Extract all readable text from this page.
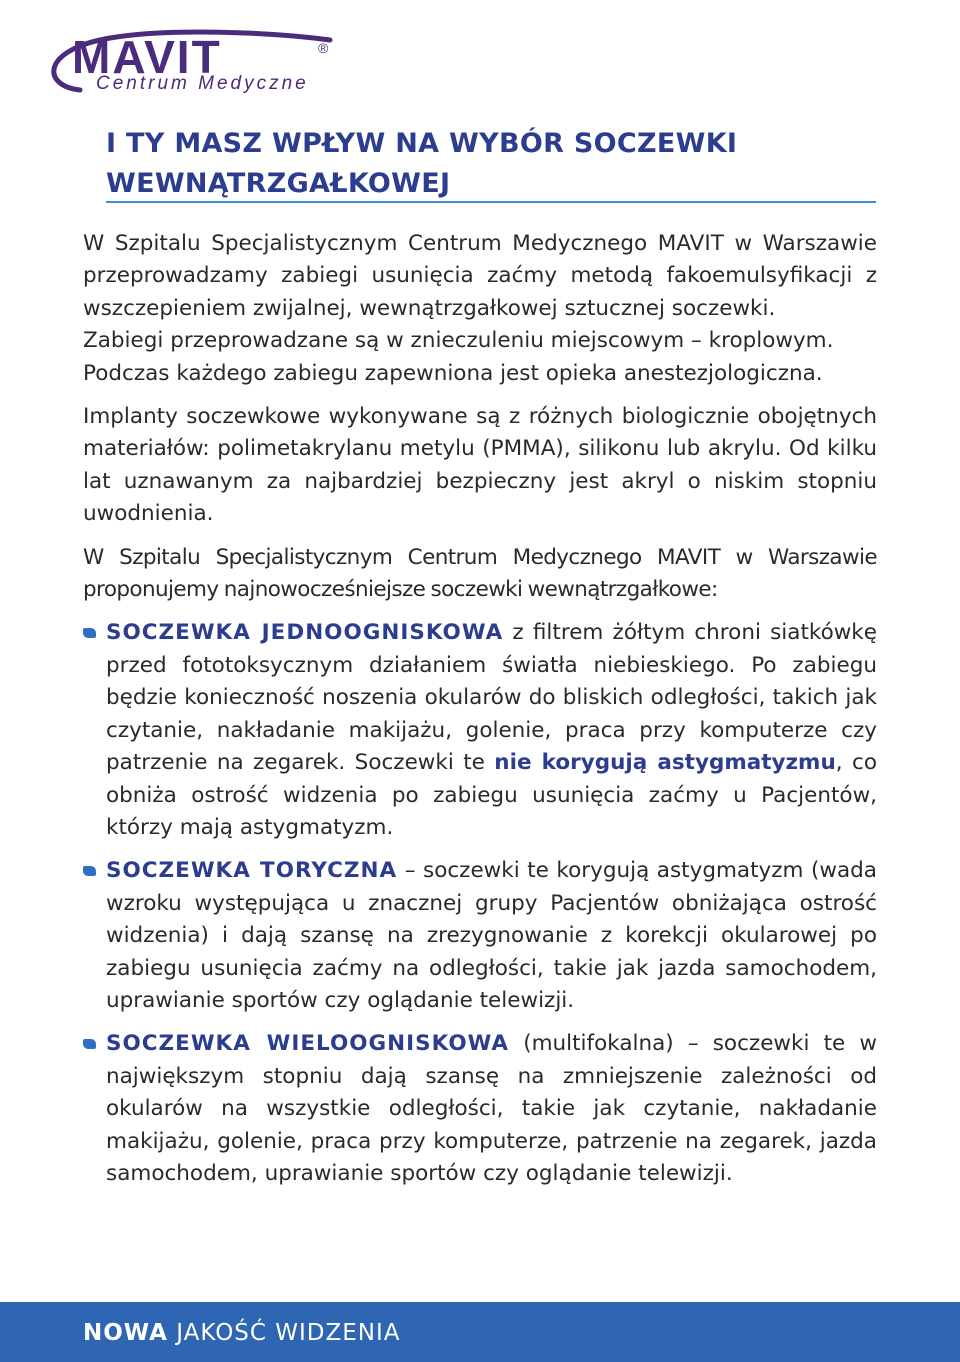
MAVIT	®
Centrum Medyczne
I TY MASZ WPŁYW NA WYBÓR SOCZEWKI WEWNĄTRZGAŁKOWEJ

W Szpitalu Specjalistycznym Centrum Medycznego MAVIT w Warszawie przeprowadzamy zabiegi usunięcia zaćmy metodą fakoemulsyfikacji z wszczepieniem zwijalnej, wewnątrzgałkowej sztucznej soczewki.

Zabiegi przeprowadzane są w znieczuleniu miejscowym – kroplowym.

Podczas każdego zabiegu zapewniona jest opieka anestezjologiczna.

Implanty soczewkowe wykonywane są z różnych biologicznie obojętnych materiałów: polimetakrylanu metylu (PMMA), silikonu lub akrylu. Od kilku lat uznawanym za najbardziej bezpieczny jest akryl o niskim stopniu uwodnienia.

W Szpitalu Specjalistycznym Centrum Medycznego MAVIT w Warszawie proponujemy najnowocześniejsze soczewki wewnątrzgałkowe:

SOCZEWKA JEDNOOGNISKOWA z filtrem żółtym chroni siatkówkę przed fototoksycznym działaniem światła niebieskiego. Po zabiegu będzie konieczność noszenia okularów do bliskich odległości, takich jak czytanie, nakładanie makijażu, golenie, praca przy komputerze czy patrzenie na zegarek. Soczewki te nie korygują astygmatyzmu, co obniża ostrość widzenia po zabiegu usunięcia zaćmy u Pacjentów, którzy mają astygmatyzm.
SOCZEWKA TORYCZNA – soczewki te korygują astygmatyzm (wada wzroku występująca u znacznej grupy Pacjentów obniżająca ostrość widzenia) i dają szansę na zrezygnowanie z korekcji okularowej po zabiegu usunięcia zaćmy na odległości, takie jak jazda samochodem, uprawianie sportów czy oglądanie telewizji.
SOCZEWKA WIELOOGNISKOWA (multifokalna) – soczewki te w największym stopniu dają szansę na zmniejszenie zależności od okularów na wszystkie odległości, takie jak czytanie, nakładanie makijażu, golenie, praca przy komputerze, patrzenie na zegarek, jazda samochodem, uprawianie sportów czy oglądanie telewizji.
NOWA JAKOŚĆ WIDZENIA
